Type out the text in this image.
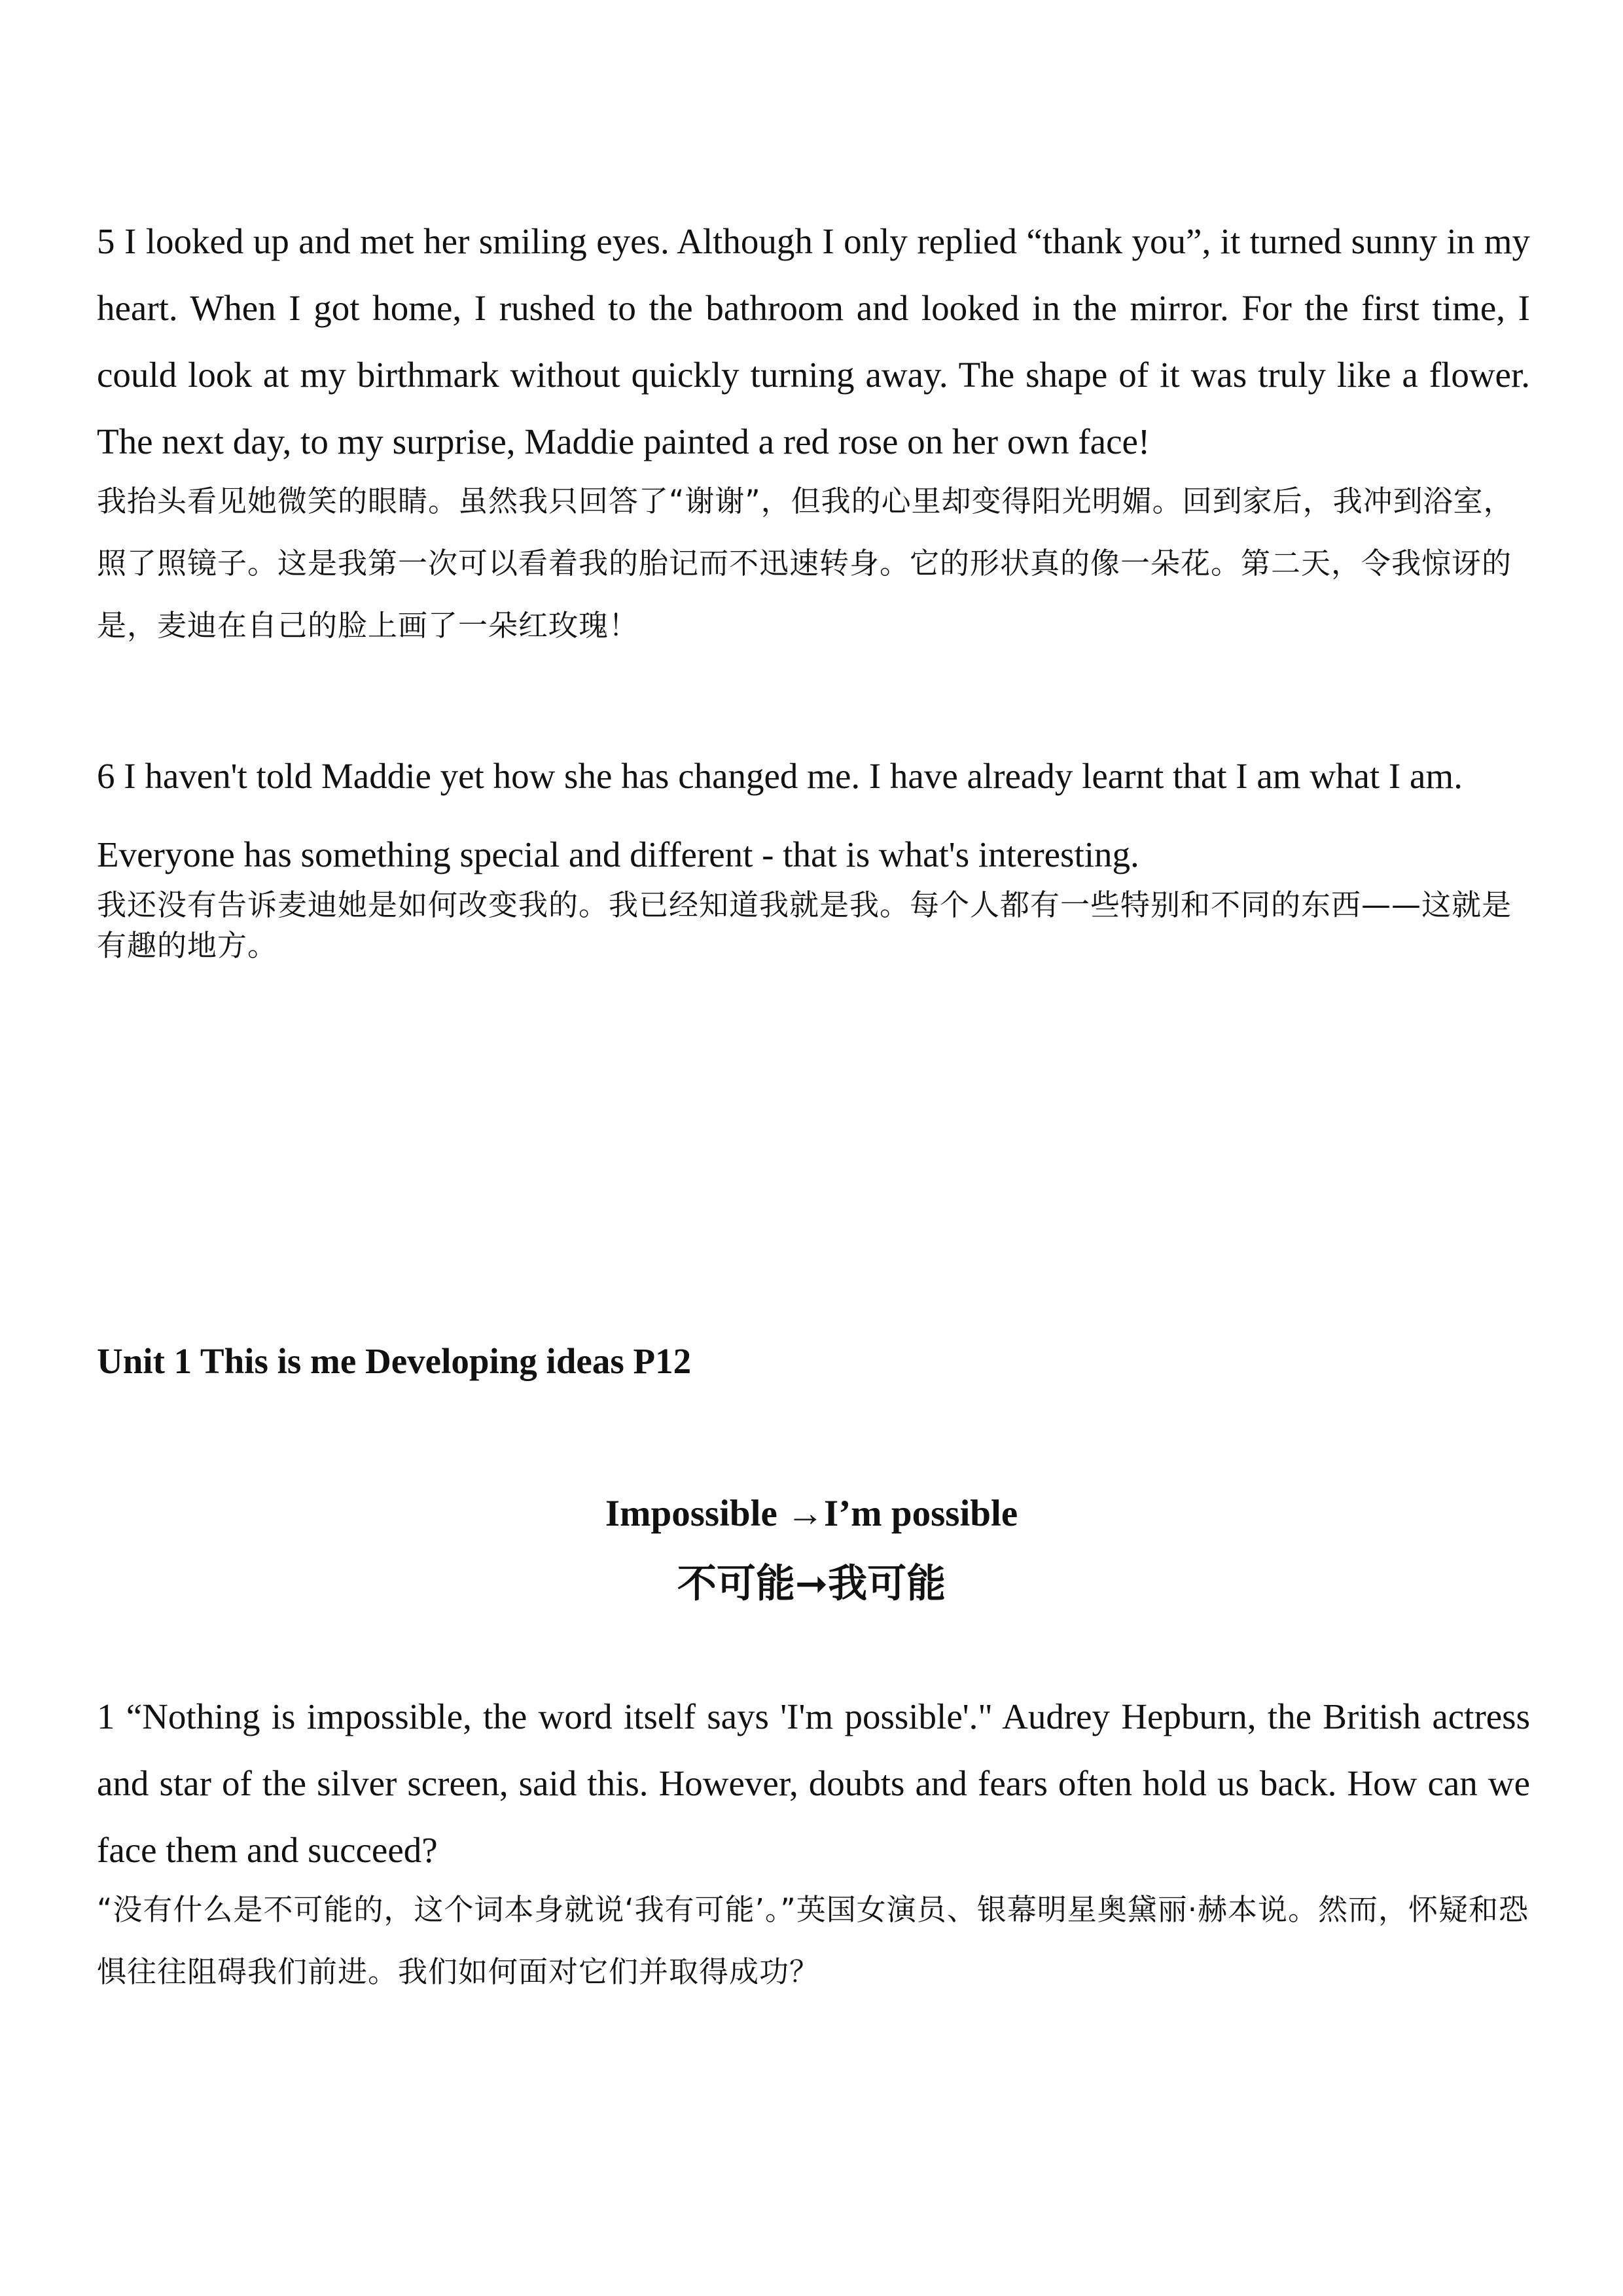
5 I looked up and met her smiling eyes. Although I only replied “thank you”, it turned sunny in my heart. When I got home, I rushed to the bathroom and looked in the mirror. For the first time, I could look at my birthmark without quickly turning away. The shape of it was truly like a flower. The next day, to my surprise, Maddie painted a red rose on her own face!

我抬头看见她微笑的眼睛。虽然我只回答了“谢谢”，但我的心里却变得阳光明媚。回到家后，我冲到浴室，照了照镜子。这是我第一次可以看着我的胎记而不迅速转身。它的形状真的像一朵花。第二天，令我惊讶的是，麦迪在自己的脸上画了一朵红玫瑰！

6 I haven't told Maddie yet how she has changed me. I have already learnt that I am what I am.

Everyone has something special and different - that is what's interesting.

我还没有告诉麦迪她是如何改变我的。我已经知道我就是我。每个人都有一些特别和不同的东西——这就是有趣的地方。

Unit 1 This is me Developing ideas P12

Impossible →I’m possible

不可能➞我可能

1 “Nothing is impossible, the word itself says 'I'm possible'." Audrey Hepburn, the British actress and star of the silver screen, said this. However, doubts and fears often hold us back. How can we face them and succeed?

“没有什么是不可能的，这个词本身就说‘我有可能’。”英国女演员、银幕明星奥黛丽·赫本说。然而，怀疑和恐惧往往阻碍我们前进。我们如何面对它们并取得成功？
